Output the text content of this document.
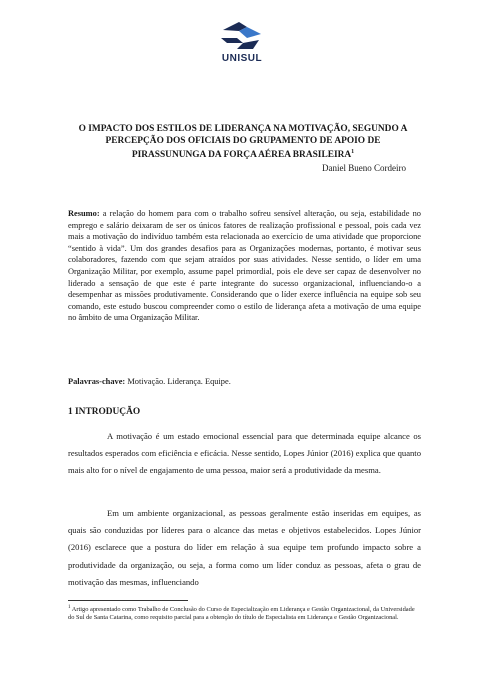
UNISUL

O IMPACTO DOS ESTILOS DE LIDERANÇA NA MOTIVAÇÃO, SEGUNDO A PERCEPÇÃO DOS OFICIAIS DO GRUPAMENTO DE APOIO DE PIRASSUNUNGA DA FORÇA AÉREA BRASILEIRA$^1$

Daniel Bueno Cordeiro

Resumo: a relação do homem para com o trabalho sofreu sensível alteração, ou seja, estabilidade no emprego e salário deixaram de ser os únicos fatores de realização profissional e pessoal, pois cada vez mais a motivação do indivíduo também esta relacionada ao exercício de uma atividade que proporcione “sentido à vida”. Um dos grandes desafios para as Organizações modernas, portanto, é motivar seus colaboradores, fazendo com que sejam atraídos por suas atividades. Nesse sentido, o líder em uma Organização Militar, por exemplo, assume papel primordial, pois ele deve ser capaz de desenvolver no liderado a sensação de que este é parte integrante do sucesso organizacional, influenciando-o a desempenhar as missões produtivamente. Considerando que o líder exerce influência na equipe sob seu comando, este estudo buscou compreender como o estilo de liderança afeta a motivação de uma equipe no âmbito de uma Organização Militar.

Palavras-chave: Motivação. Liderança. Equipe.

1 INTRODUÇÃO

A motivação é um estado emocional essencial para que determinada equipe alcance os resultados esperados com eficiência e eficácia. Nesse sentido, Lopes Júnior (2016) explica que quanto mais alto for o nível de engajamento de uma pessoa, maior será a produtividade da mesma.

Em um ambiente organizacional, as pessoas geralmente estão inseridas em equipes, as quais são conduzidas por líderes para o alcance das metas e objetivos estabelecidos. Lopes Júnior (2016) esclarece que a postura do líder em relação à sua equipe tem profundo impacto sobre a produtividade da organização, ou seja, a forma como um líder conduz as pessoas, afeta o grau de motivação das mesmas, influenciando

$^1$ Artigo apresentado como Trabalho de Conclusão do Curso de Especialização em Liderança e Gestão Organizacional, da Universidade do Sul de Santa Catarina, como requisito parcial para a obtenção do título de Especialista em Liderança e Gestão Organizacional.
